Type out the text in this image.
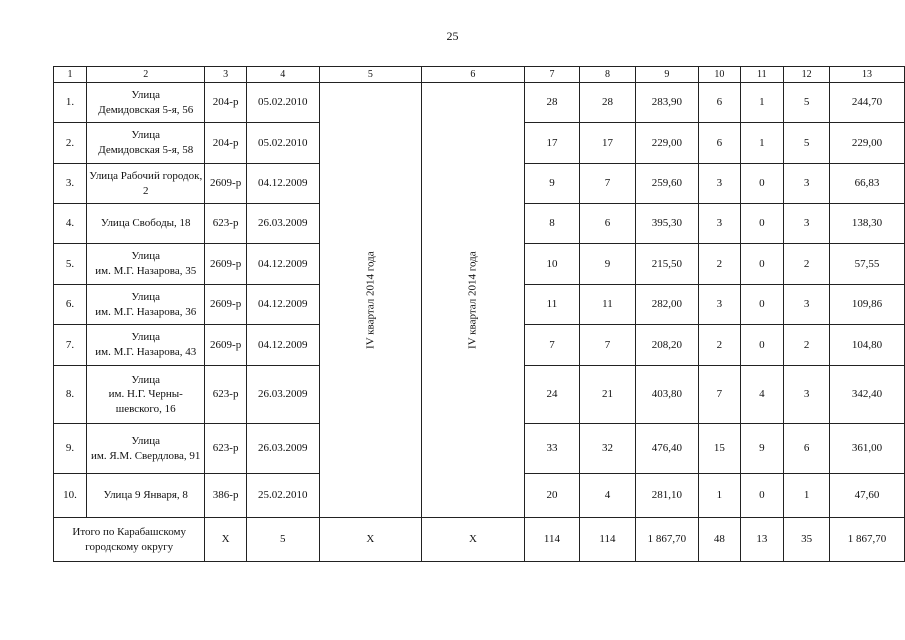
25
1	2	3	4	5	6	7	8	9	10	11	12	13
1.	Улица
Демидовская 5-я, 56	204-р	05.02.2010	IV квартал 2014 года	IV квартал 2014 года	28	28	283,90	6	1	5	244,70
2.	Улица
Демидовская 5-я, 58	204-р	05.02.2010			17	17	229,00	6	1	5	229,00
3.	Улица Рабочий городок,
2	2609-р	04.12.2009			9	7	259,60	3	0	3	66,83
4.	Улица Свободы, 18	623-р	26.03.2009			8	6	395,30	3	0	3	138,30
5.	Улица
им. М.Г. Назарова, 35	2609-р	04.12.2009			10	9	215,50	2	0	2	57,55
6.	Улица
им. М.Г. Назарова, 36	2609-р	04.12.2009			11	11	282,00	3	0	3	109,86
7.	Улица
им. М.Г. Назарова, 43	2609-р	04.12.2009			7	7	208,20	2	0	2	104,80
8.	Улица
им. Н.Г. Черны-
шевского, 16	623-р	26.03.2009			24	21	403,80	7	4	3	342,40
9.	Улица
им. Я.М. Свердлова, 91	623-р	26.03.2009			33	32	476,40	15	9	6	361,00
10.	Улица 9 Января, 8	386-р	25.02.2010			20	4	281,10	1	0	1	47,60
Итого по Карабашскому
городскому округу		X	5	X	X	114	114	1 867,70	48	13	35	1 867,70
